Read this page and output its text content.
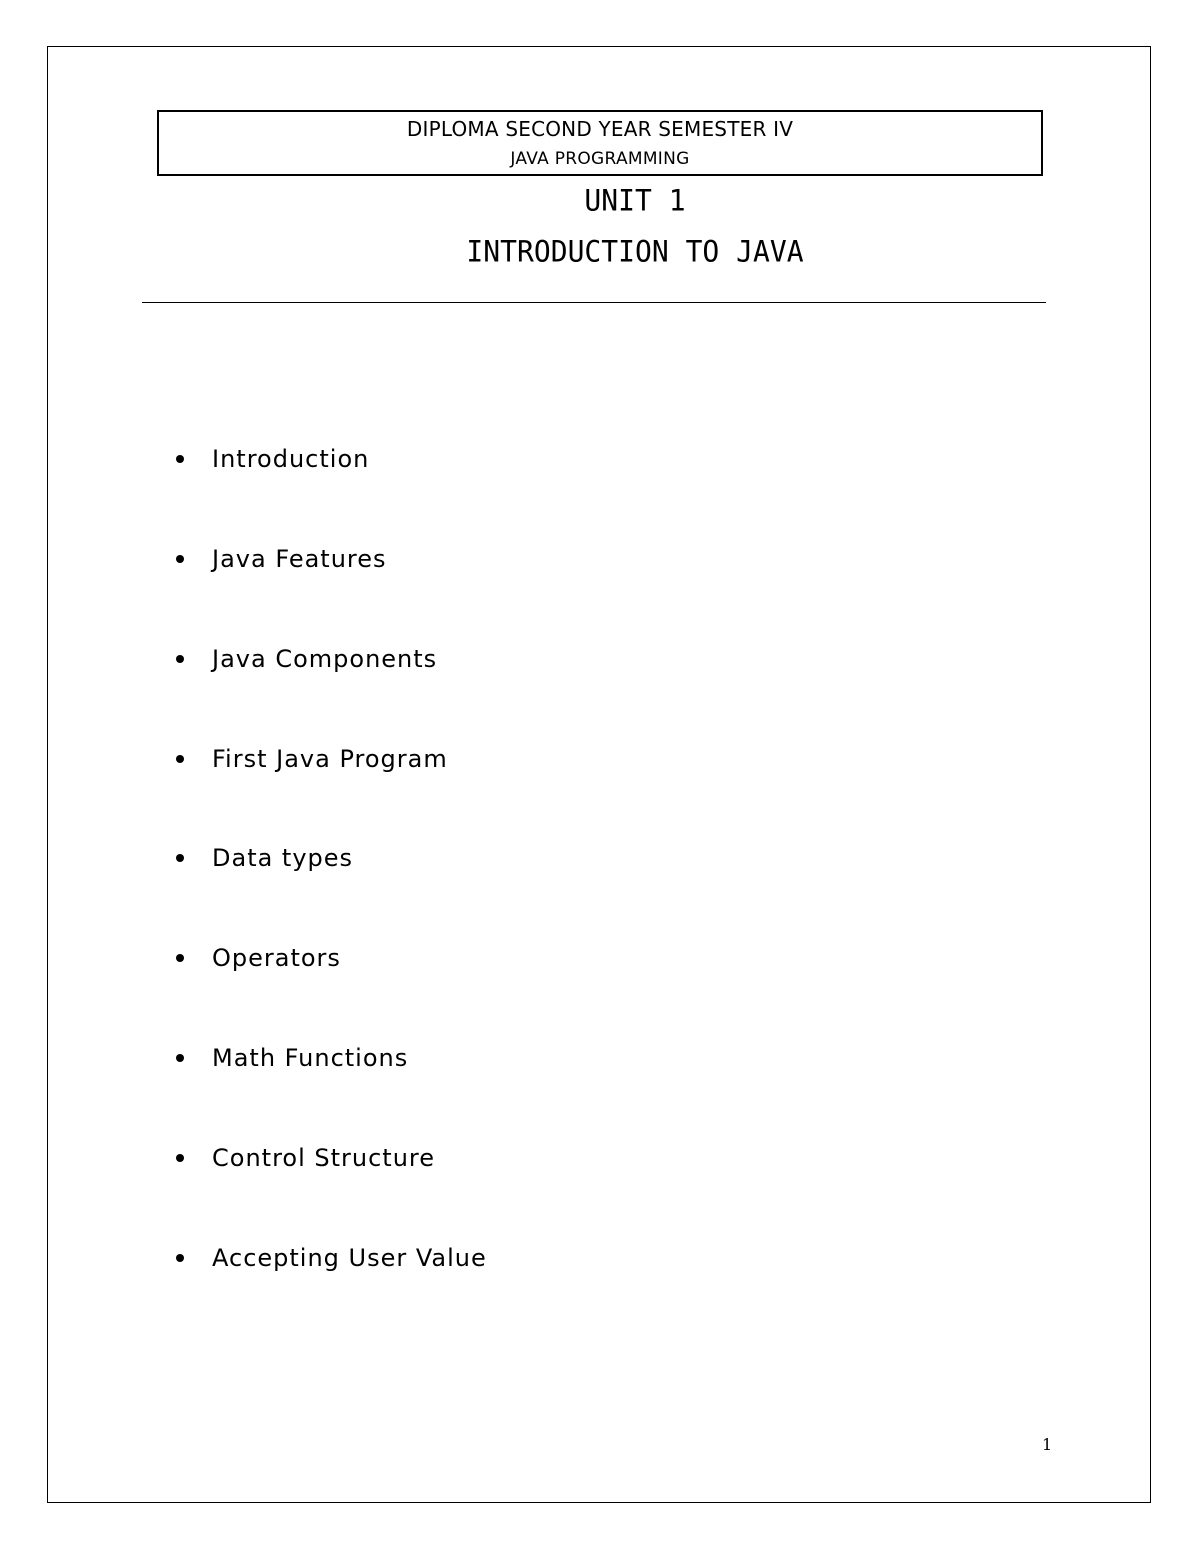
DIPLOMA SECOND YEAR SEMESTER IV
JAVA PROGRAMMING
UNIT 1
INTRODUCTION TO JAVA
Introduction
Java Features
Java Components
First Java Program
Data types
Operators
Math Functions
Control Structure
Accepting User Value
1
